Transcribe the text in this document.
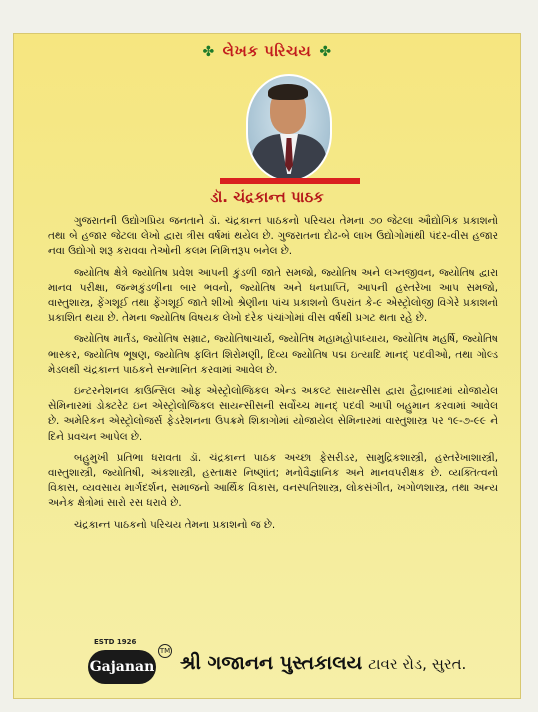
✤ લેખક પરિચય ✤
ડૉ. ચંદ્રકાન્ત પાઠક

ગુજરાતની ઉદ્યોગપ્રિય જનતાને ડૉ. ચંદ્રકાન્ત પાઠકનો પરિચય તેમના ૭૦ જેટલા ઔદ્યોગિક પ્રકાશનો તથા બે હજાર જેટલા લેખો દ્વારા ત્રીસ વર્ષમાં થયેલ છે. ગુજરાતના દોઢ-બે લાખ ઉદ્યોગોમાંથી પંદર-વીસ હજાર નવા ઉદ્યોગો શરૂ કરાવવા તેઓની કલમ નિમિત્તરૂપ બનેલ છે.

જ્યોતિષ ક્ષેત્રે જ્યોતિષ પ્રવેશ આપની કુંડળી જાતે સમજો, જ્યોતિષ અને લગ્નજીવન, જ્યોતિષ દ્વારા માનવ પરીક્ષા, જન્મકુંડળીના બાર ભવનો, જ્યોતિષ અને ધનપ્રાપ્તિ, આપની હસ્તરેખા આપ સમજો, વાસ્તુશાસ્ત્ર, ફેંગશૂઈ તથા ફેંગશૂઈ જાતે શીખો શ્રેણીના પાંચ પ્રકાશનો ઉપરાંત કે-૯ એસ્ટ્રોલોજી વિગેરે પ્રકાશનો પ્રકાશિત થયા છે. તેમના જ્યોતિષ વિષયક લેખો દરેક પંચાંગોમાં વીસ વર્ષથી પ્રગટ થતા રહે છે.

જ્યોતિષ માર્તંડ, જ્યોતિષ સમ્રાટ, જ્યોતિષાચાર્ય, જ્યોતિષ મહામહોપાધ્યાય, જ્યોતિષ મહર્ષિ, જ્યોતિષ ભાસ્કર, જ્યોતિષ ભૂષણ, જ્યોતિષ ફલિત શિરોમણી, દિવ્ય જ્યોતિષ પદ્મ ઇત્યાદિ માનદ્ પદવીઓ, તથા ગોલ્ડ મેડલથી ચંદ્રકાન્ત પાઠકને સન્માનિત કરવામાં આવેલ છે.

ઇન્ટરનેશનલ કાઉન્સિલ ઓફ એસ્ટ્રોલોજિકલ એન્ડ અકલ્ટ સાયન્સીસ દ્વારા હૈદ્રાબાદમાં યોજાયેલ સેમિનારમાં ડોક્ટરેટ ઇન એસ્ટ્રોલોજિકલ સાયન્સીસની સર્વોચ્ચ માનદ્ પદવી આપી બહુમાન કરવામાં આવેલ છે. અમેરિકન એસ્ટ્રોલોજર્સ ફેડરેશનના ઉપક્રમે શિકાગોમાં યોજાયેલ સેમિનારમાં વાસ્તુશાસ્ત્ર પર ૧૯-૭-૯૯ ને દિને પ્રવચન આપેલ છે.

બહુમુખી પ્રતિભા ધરાવતા ડૉ. ચંદ્રકાન્ત પાઠક અચ્છા ફેસરીડર, સામુદ્રિકશાસ્ત્રી, હસ્તરેખાશાસ્ત્રી, વાસ્તુશાસ્ત્રી, જ્યોતિષી, અંકશાસ્ત્રી, હસ્તાક્ષર નિષ્ણાંત; મનોવૈજ્ઞાનિક અને માનવપરીક્ષક છે. વ્યક્તિત્વનો વિકાસ, વ્યવસાય માર્ગદર્શન, સમાજનો આર્થિક વિકાસ, વનસ્પતિશાસ્ત્ર, લોકસંગીત, ખગોળશાસ્ત્ર, તથા અન્ય અનેક ક્ષેત્રોમાં સારો રસ ધરાવે છે.

ચંદ્રકાન્ત પાઠકનો પરિચય તેમના પ્રકાશનો જ છે.

ESTD 1926
Gajanan
TM
શ્રી ગજાનન પુસ્તકાલય ટાવર રોડ, સુરત.
